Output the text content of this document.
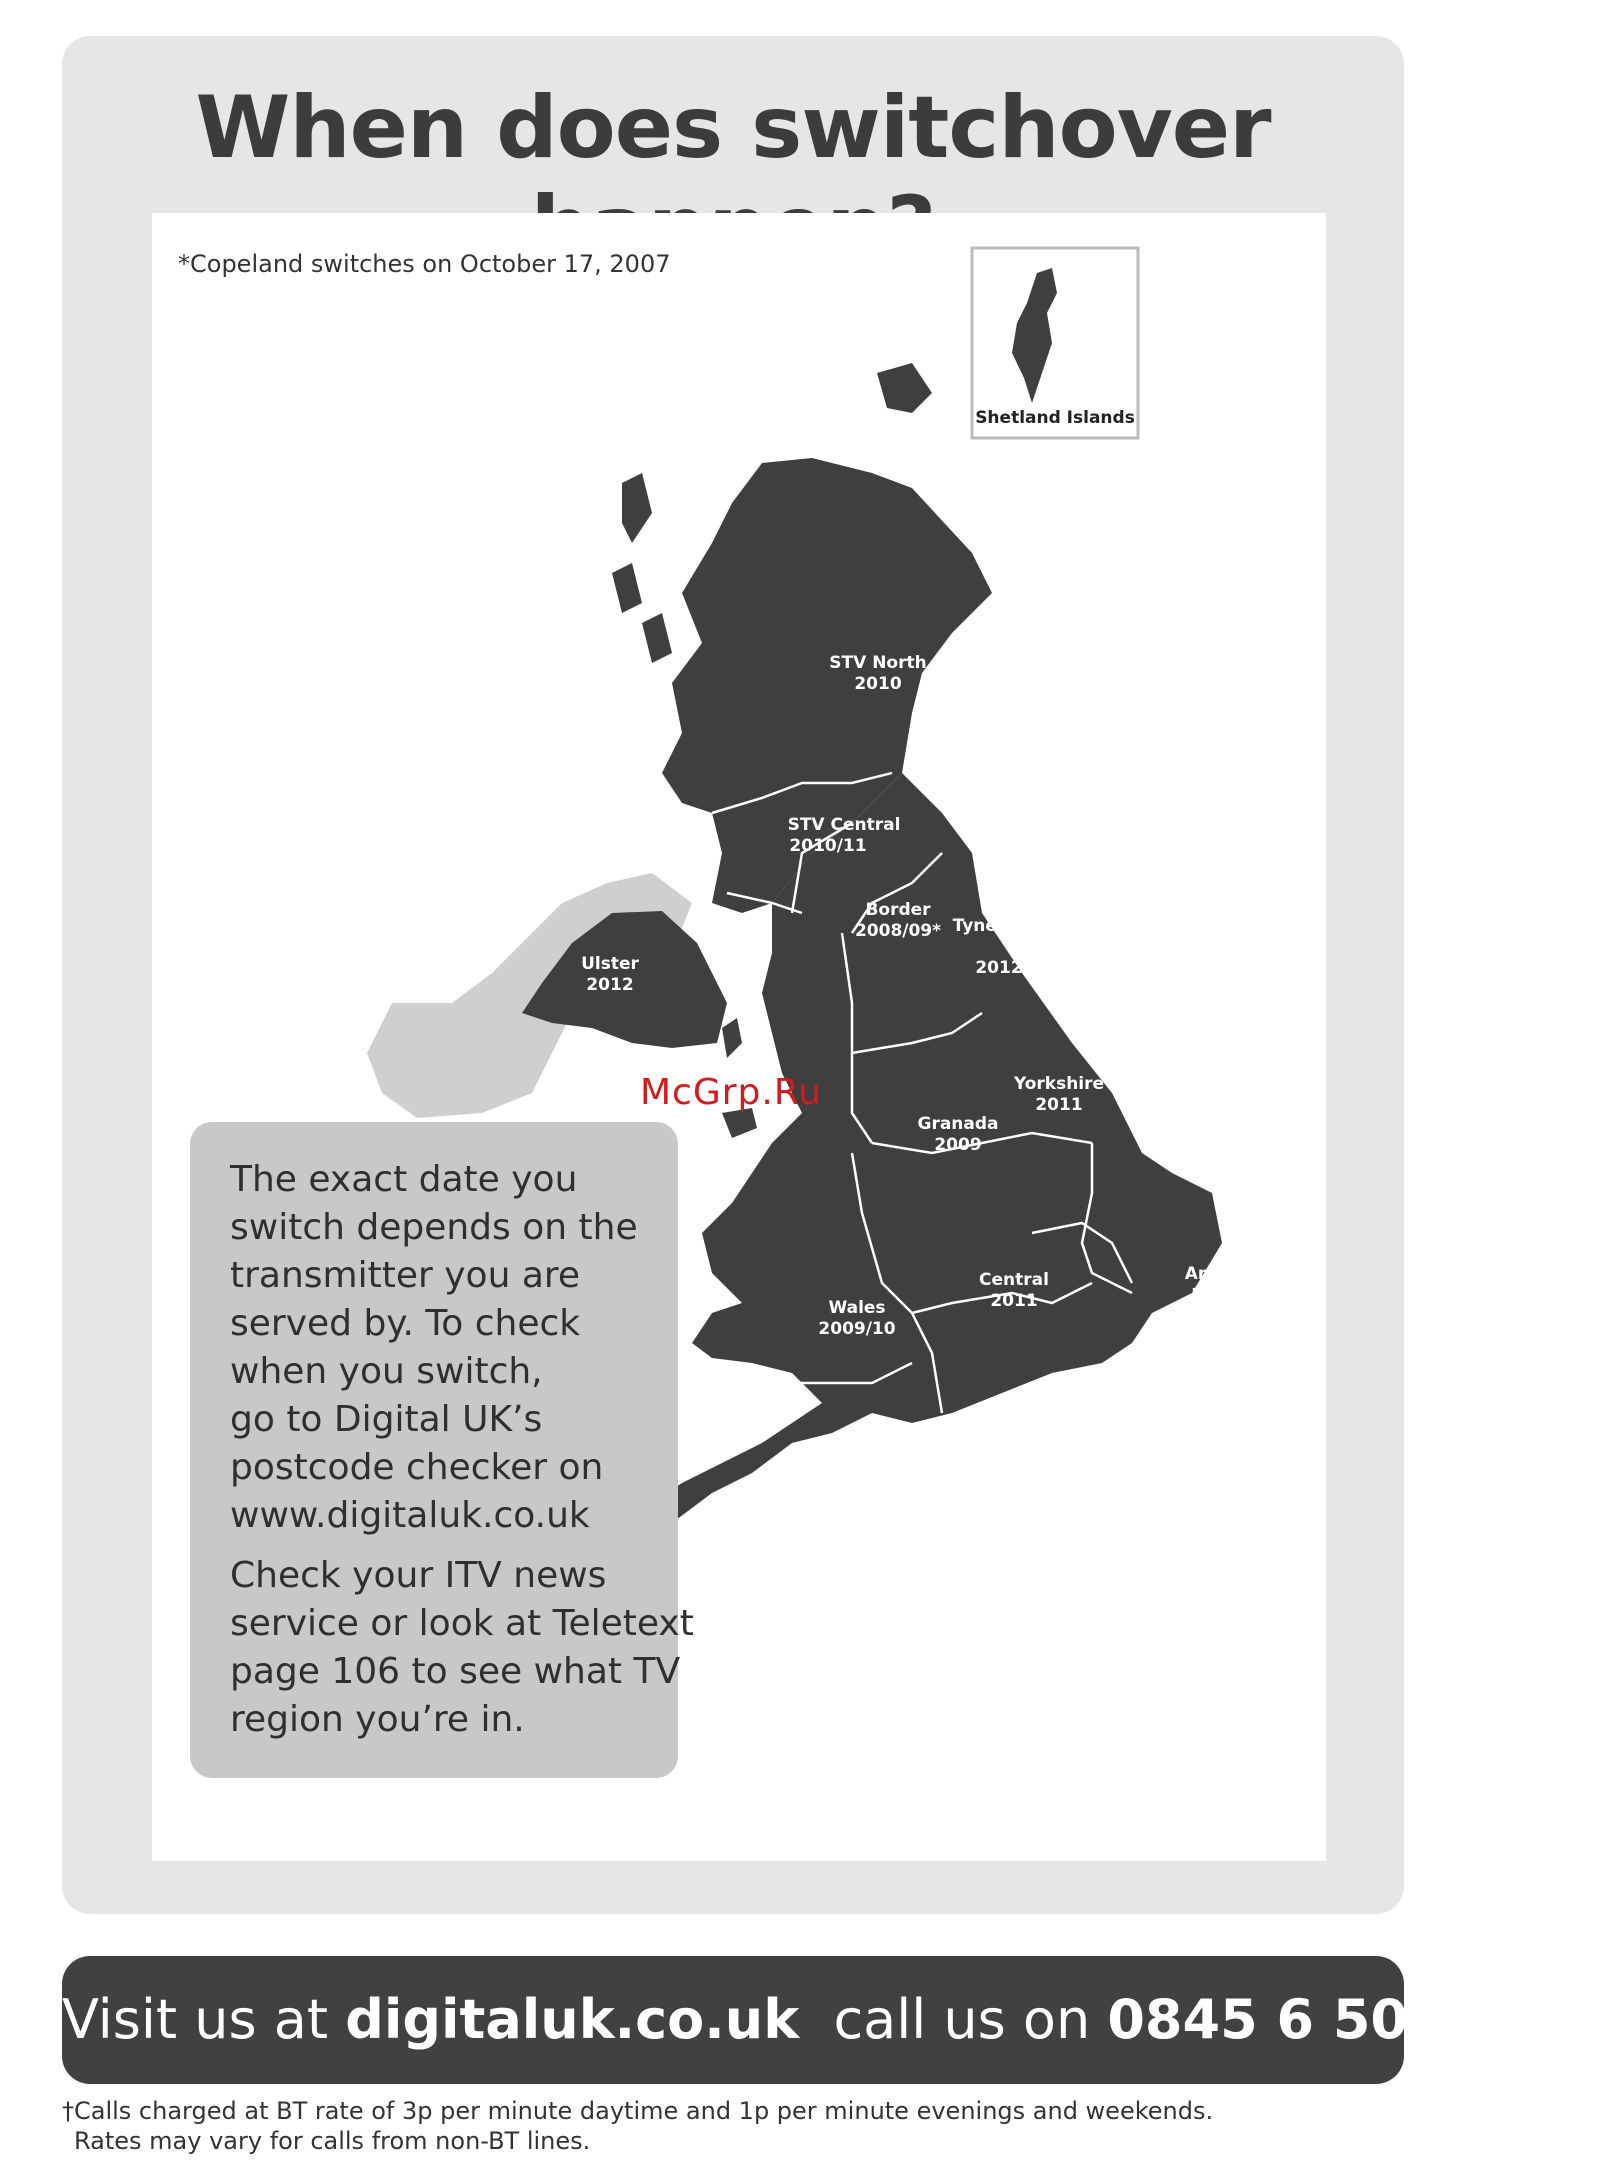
When does switchover
*Copeland switches on October 17, 2007
Shetland Islands
STV North
2010
STV Central
2010/11
Border
2008/09* Tyne Tees
2012
Ulster
2012
Yorkshire
2011
Granada
2009
Central
2011
Anglia
2011
Wales
2009/10
London
2012
West
2010
Meridian
2012
West Country
2009
McGrp.Ru

The exact date you
switch depends on the
transmitter you are
served by. To check
when you switch,
go to Digital UK’s
postcode checker on
www.digitaluk.co.uk

Check your ITV news
service or look at Teletext
page 106 to see what TV
region you’re in.

Visit us at digitaluk.co.uk  call us on 0845 6 50 50 50†
†Calls charged at BT rate of 3p per minute daytime and 1p per minute evenings and weekends.
Rates may vary for calls from non-BT lines.
